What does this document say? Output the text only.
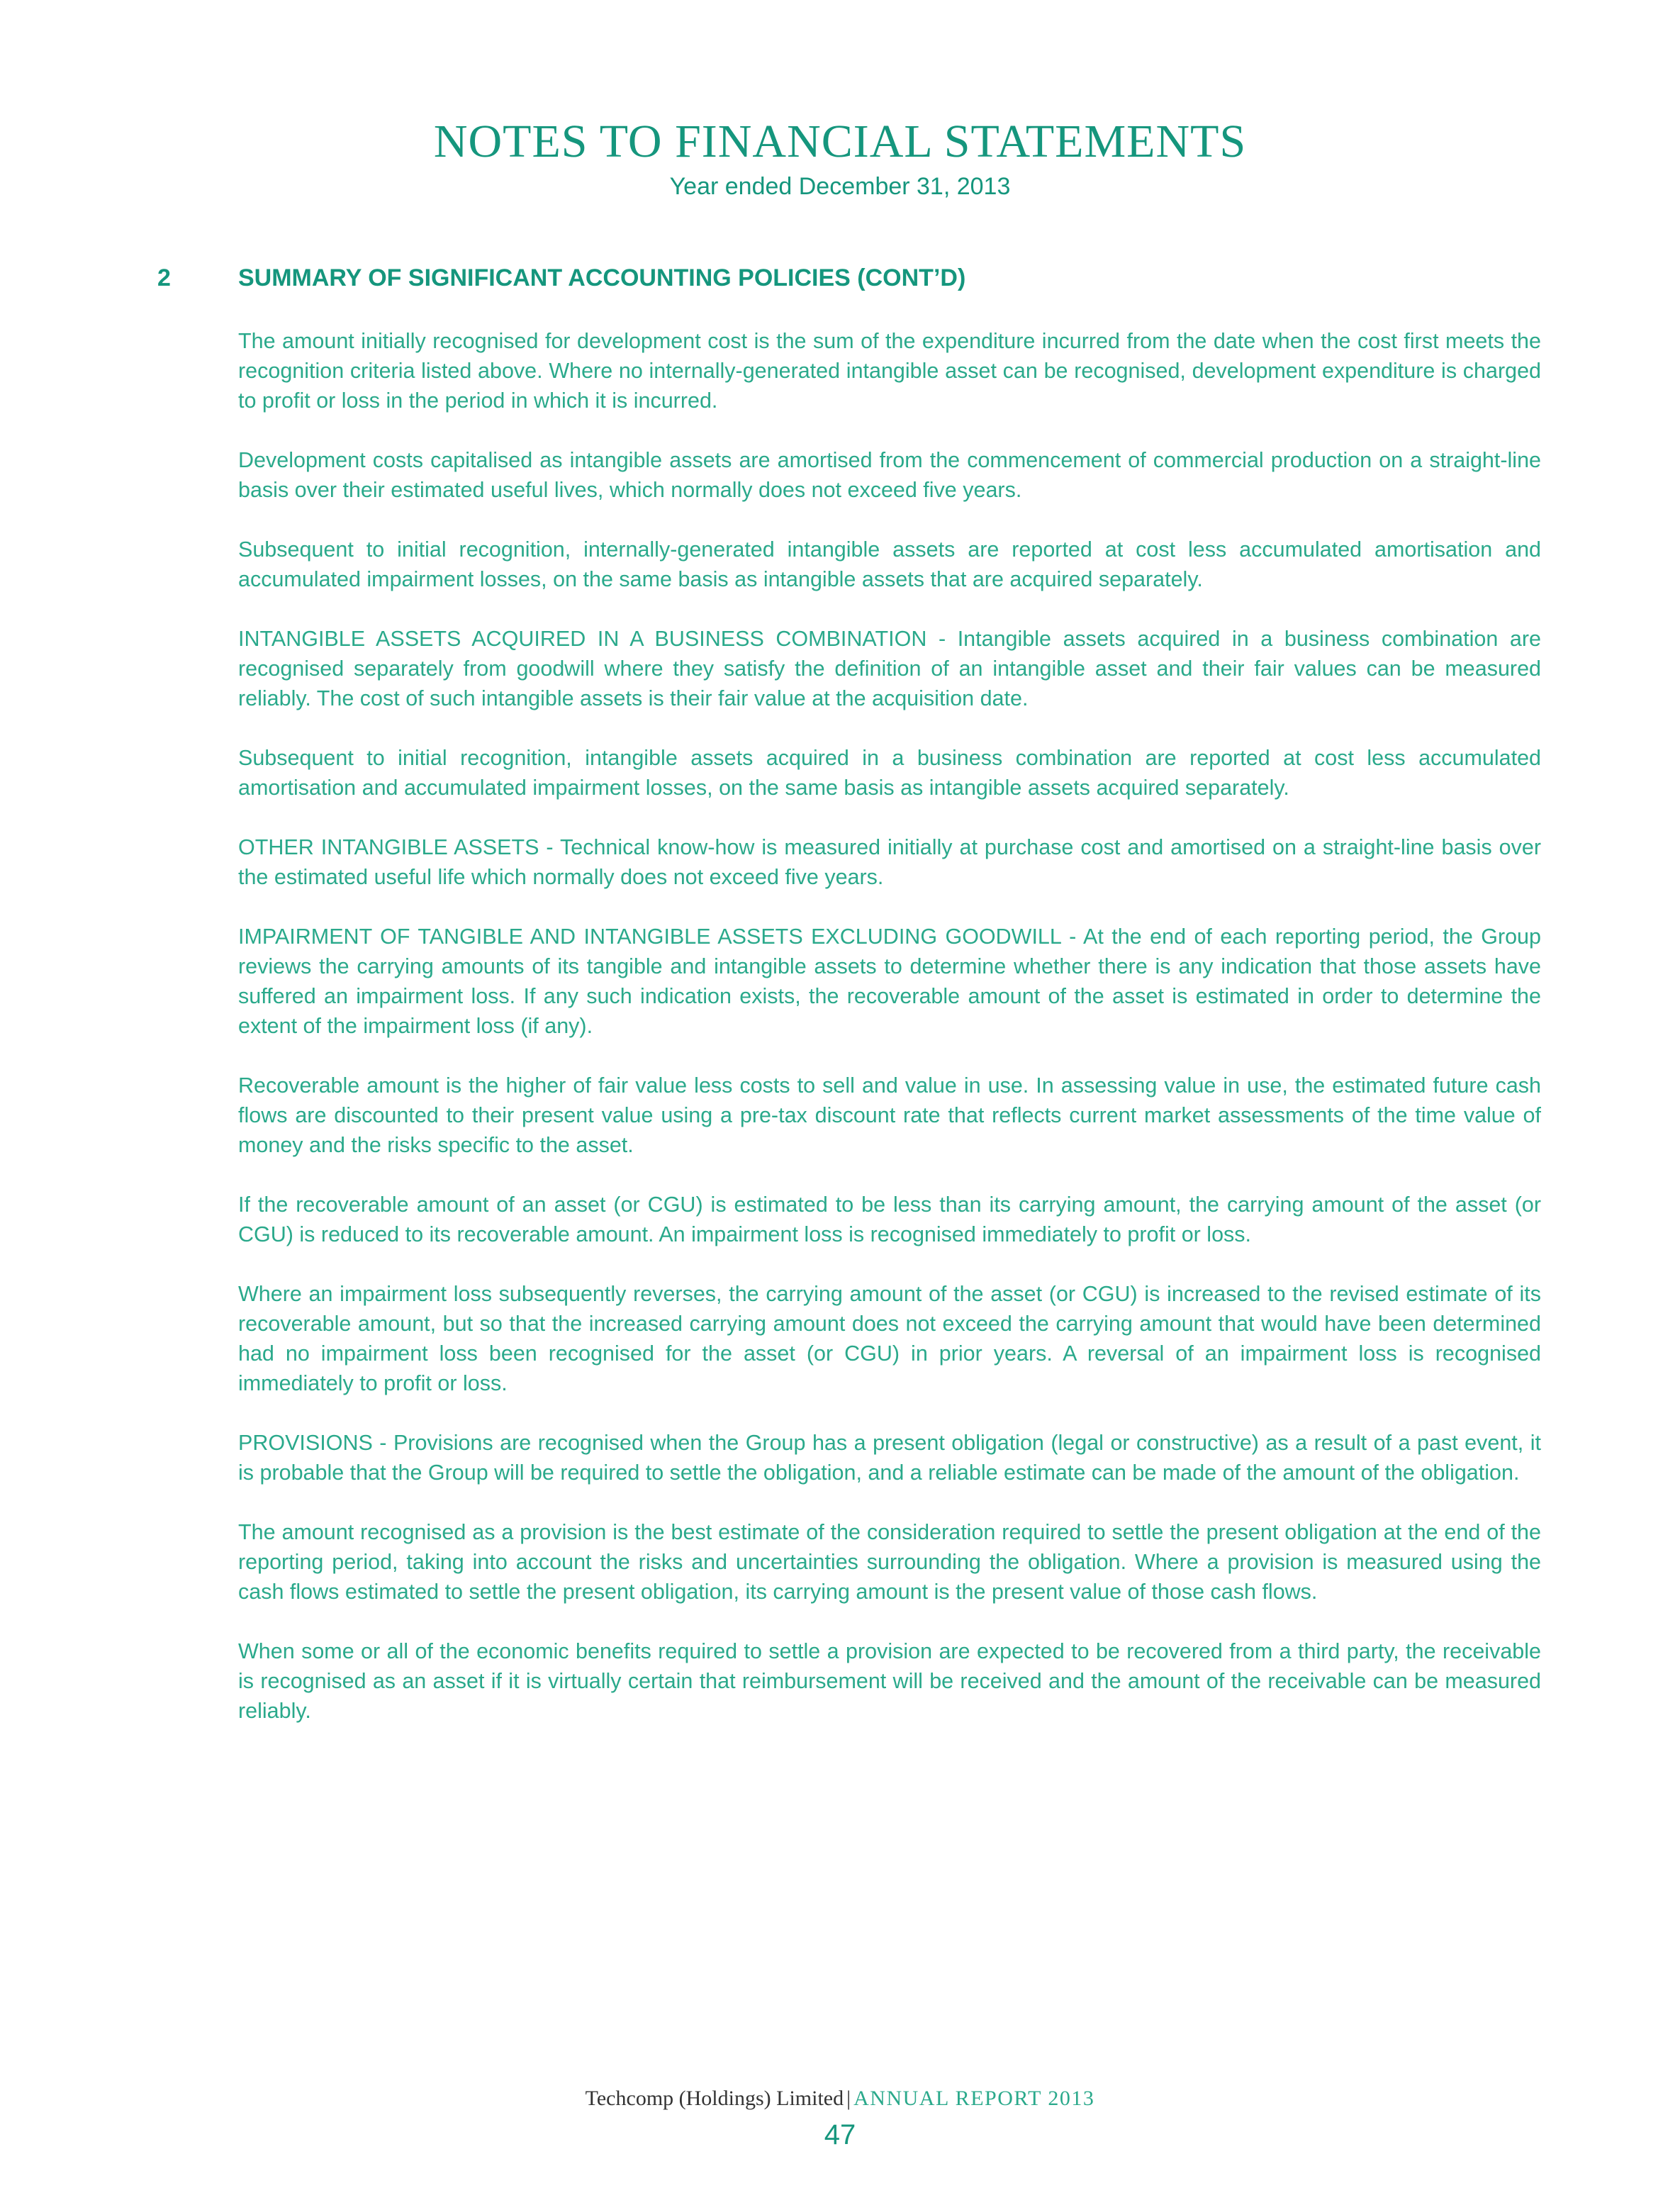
NOTES TO FINANCIAL STATEMENTS
Year ended December 31, 2013
2	SUMMARY OF SIGNIFICANT ACCOUNTING POLICIES (CONT’D)

The amount initially recognised for development cost is the sum of the expenditure incurred from the date when the cost first meets the recognition criteria listed above. Where no internally-generated intangible asset can be recognised, development expenditure is charged to profit or loss in the period in which it is incurred.

Development costs capitalised as intangible assets are amortised from the commencement of commercial production on a straight-line basis over their estimated useful lives, which normally does not exceed five years.

Subsequent to initial recognition, internally-generated intangible assets are reported at cost less accumulated amortisation and accumulated impairment losses, on the same basis as intangible assets that are acquired separately.

INTANGIBLE ASSETS ACQUIRED IN A BUSINESS COMBINATION - Intangible assets acquired in a business combination are recognised separately from goodwill where they satisfy the definition of an intangible asset and their fair values can be measured reliably. The cost of such intangible assets is their fair value at the acquisition date.

Subsequent to initial recognition, intangible assets acquired in a business combination are reported at cost less accumulated amortisation and accumulated impairment losses, on the same basis as intangible assets acquired separately.

OTHER INTANGIBLE ASSETS - Technical know-how is measured initially at purchase cost and amortised on a straight-line basis over the estimated useful life which normally does not exceed five years.

IMPAIRMENT OF TANGIBLE AND INTANGIBLE ASSETS EXCLUDING GOODWILL - At the end of each reporting period, the Group reviews the carrying amounts of its tangible and intangible assets to determine whether there is any indication that those assets have suffered an impairment loss. If any such indication exists, the recoverable amount of the asset is estimated in order to determine the extent of the impairment loss (if any).

Recoverable amount is the higher of fair value less costs to sell and value in use. In assessing value in use, the estimated future cash flows are discounted to their present value using a pre-tax discount rate that reflects current market assessments of the time value of money and the risks specific to the asset.

If the recoverable amount of an asset (or CGU) is estimated to be less than its carrying amount, the carrying amount of the asset (or CGU) is reduced to its recoverable amount. An impairment loss is recognised immediately to profit or loss.

Where an impairment loss subsequently reverses, the carrying amount of the asset (or CGU) is increased to the revised estimate of its recoverable amount, but so that the increased carrying amount does not exceed the carrying amount that would have been determined had no impairment loss been recognised for the asset (or CGU) in prior years. A reversal of an impairment loss is recognised immediately to profit or loss.

PROVISIONS - Provisions are recognised when the Group has a present obligation (legal or constructive) as a result of a past event, it is probable that the Group will be required to settle the obligation, and a reliable estimate can be made of the amount of the obligation.

The amount recognised as a provision is the best estimate of the consideration required to settle the present obligation at the end of the reporting period, taking into account the risks and uncertainties surrounding the obligation. Where a provision is measured using the cash flows estimated to settle the present obligation, its carrying amount is the present value of those cash flows.

When some or all of the economic benefits required to settle a provision are expected to be recovered from a third party, the receivable is recognised as an asset if it is virtually certain that reimbursement will be received and the amount of the receivable can be measured reliably.

Techcomp (Holdings) Limited | ANNUAL REPORT 2013
47
